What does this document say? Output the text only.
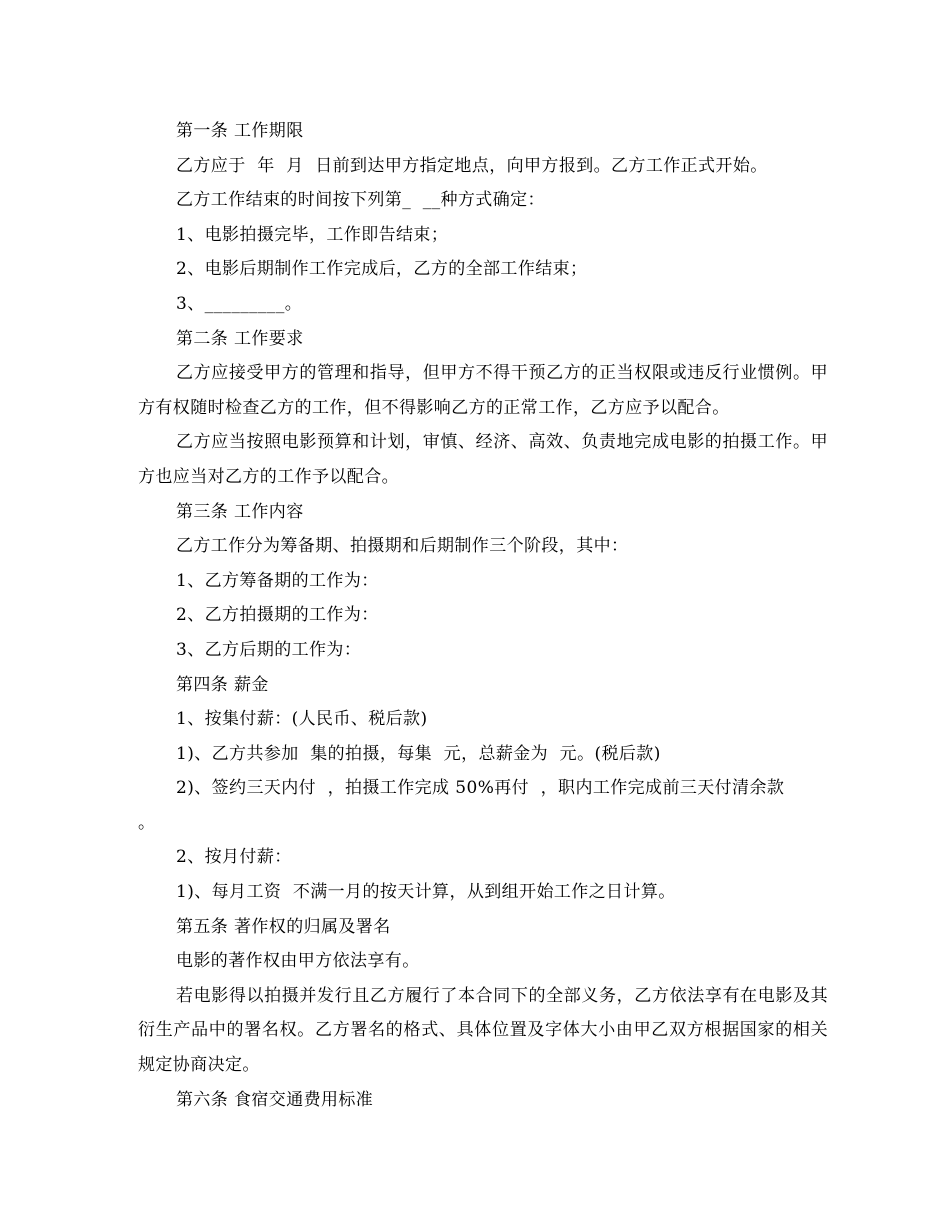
第一条 工作期限

乙方应于  年  月  日前到达甲方指定地点，向甲方报到。乙方工作正式开始。

乙方工作结束的时间按下列第_  __种方式确定：

1、电影拍摄完毕，工作即告结束；

2、电影后期制作工作完成后，乙方的全部工作结束；

3、_________。

第二条 工作要求

乙方应接受甲方的管理和指导，但甲方不得干预乙方的正当权限或违反行业惯例。甲方有权随时检查乙方的工作，但不得影响乙方的正常工作，乙方应予以配合。

乙方应当按照电影预算和计划，审慎、经济、高效、负责地完成电影的拍摄工作。甲方也应当对乙方的工作予以配合。

第三条 工作内容

乙方工作分为筹备期、拍摄期和后期制作三个阶段，其中：

1、乙方筹备期的工作为：

2、乙方拍摄期的工作为：

3、乙方后期的工作为：

第四条 薪金

1、按集付薪：(人民币、税后款)

1)、乙方共参加  集的拍摄，每集  元，总薪金为  元。(税后款)

2)、签约三天内付  ，拍摄工作完成 50%再付  ，职内工作完成前三天付清余款

。

2、按月付薪：

1)、每月工资  不满一月的按天计算，从到组开始工作之日计算。

第五条 著作权的归属及署名

电影的著作权由甲方依法享有。

若电影得以拍摄并发行且乙方履行了本合同下的全部义务，乙方依法享有在电影及其衍生产品中的署名权。乙方署名的格式、具体位置及字体大小由甲乙双方根据国家的相关规定协商决定。

第六条 食宿交通费用标准
